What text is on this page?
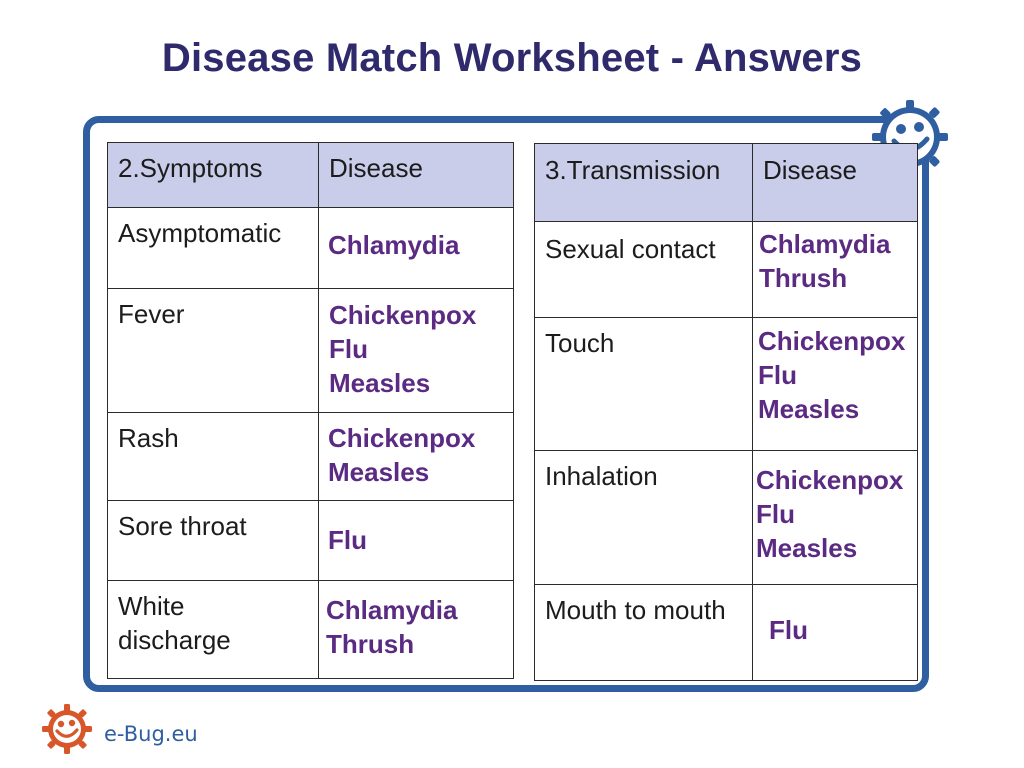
Disease Match Worksheet - Answers
2.Symptoms	Disease

Asymptomatic	Chlamydia

Fever	Chickenpox
Flu
Measles

Rash	Chickenpox
Measles

Sore throat	Flu

White
discharge	Chlamydia
Thrush
3.Transmission	Disease

Sexual contact	Chlamydia
Thrush

Touch	Chickenpox
Flu
Measles

Inhalation	Chickenpox
Flu
Measles

Mouth to mouth	Flu
e-Bug.eu
